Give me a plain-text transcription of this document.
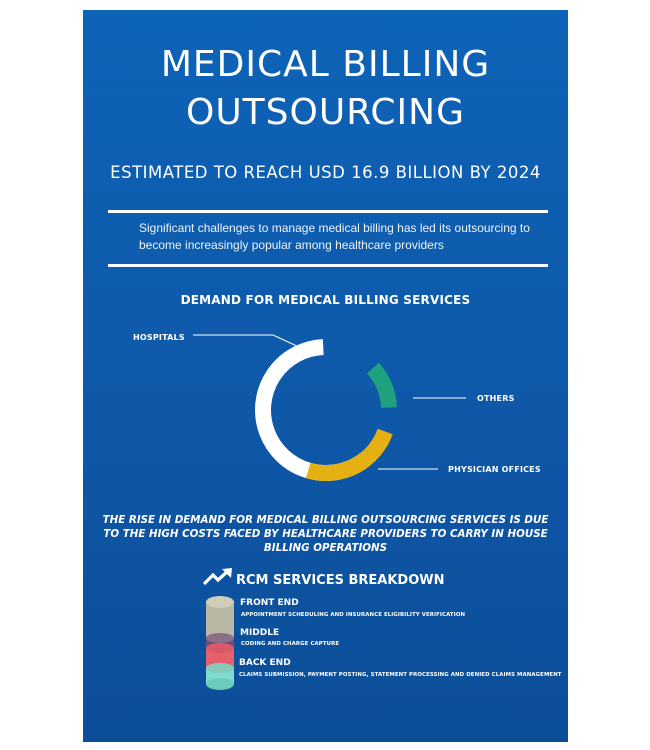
MEDICAL BILLING
OUTSOURCING
ESTIMATED TO REACH USD 16.9 BILLION BY 2024
Significant challenges to manage medical billing has led its outsourcing to become increasingly popular among healthcare providers
DEMAND FOR MEDICAL BILLING SERVICES
HOSPITALS
OTHERS
PHYSICIAN OFFICES
THE RISE IN DEMAND FOR MEDICAL BILLING OUTSOURCING SERVICES IS DUE TO THE HIGH COSTS FACED BY HEALTHCARE PROVIDERS TO CARRY IN HOUSE BILLING OPERATIONS
RCM SERVICES BREAKDOWN
FRONT END
APPOINTMENT SCHEDULING AND INSURANCE ELIGIBILITY VERIFICATION
MIDDLE
CODING AND CHARGE CAPTURE
BACK END
CLAIMS SUBMISSION, PAYMENT POSTING, STATEMENT PROCESSING AND DENIED CLAIMS MANAGEMENT
